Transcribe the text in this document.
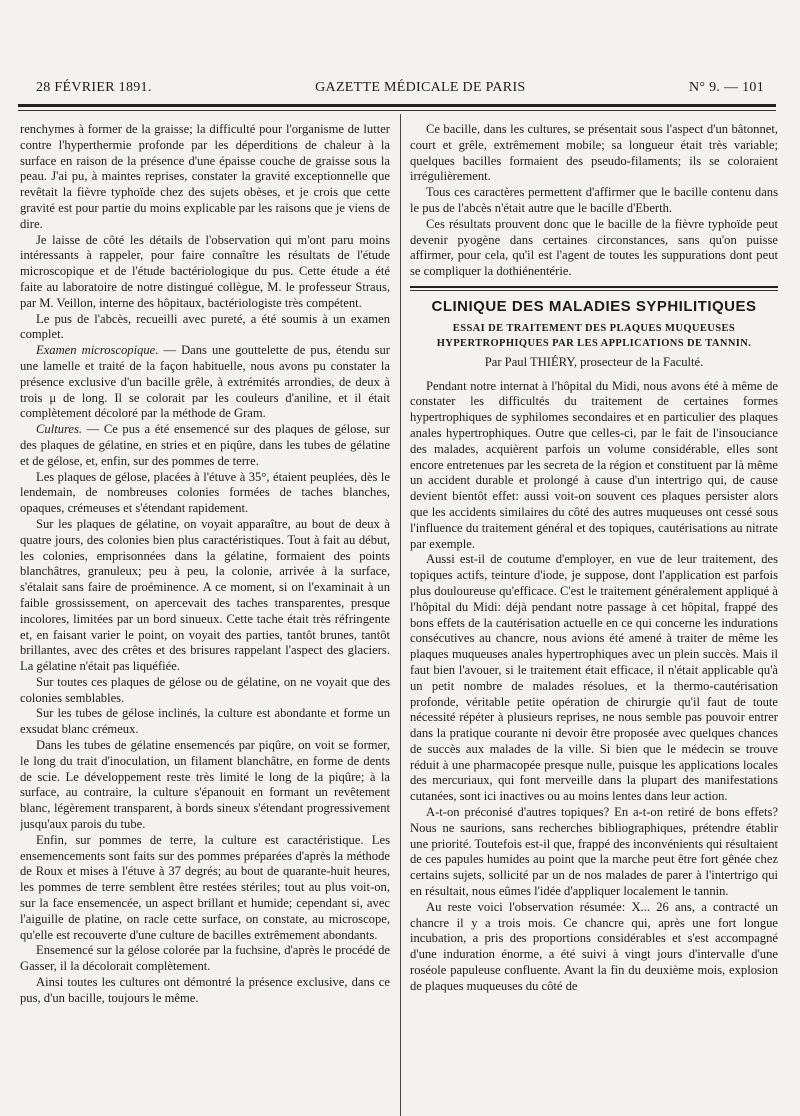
28 FÉVRIER 1891.	GAZETTE MÉDICALE DE PARIS	N° 9. — 101

renchymes à former de la graisse; la difficulté pour l'organisme de lutter contre l'hyperthermie profonde par les déperditions de chaleur à la surface en raison de la présence d'une épaisse couche de graisse sous la peau. J'ai pu, à maintes reprises, constater la gravité exceptionnelle que revêtait la fièvre typhoïde chez des sujets obèses, et je crois que cette gravité est pour partie du moins explicable par les raisons que je viens de dire.

Je laisse de côté les détails de l'observation qui m'ont paru moins intéressants à rappeler, pour faire connaître les résultats de l'étude microscopique et de l'étude bactériologique du pus. Cette étude a été faite au laboratoire de notre distingué collègue, M. le professeur Straus, par M. Veillon, interne des hôpitaux, bactériologiste très compétent.

Le pus de l'abcès, recueilli avec pureté, a été soumis à un examen complet.

Examen microscopique. — Dans une gouttelette de pus, étendu sur une lamelle et traité de la façon habituelle, nous avons pu constater la présence exclusive d'un bacille grêle, à extrémités arrondies, de deux à trois μ de long. Il se colorait par les couleurs d'aniline, et il était complètement décoloré par la méthode de Gram.

Cultures. — Ce pus a été ensemencé sur des plaques de gélose, sur des plaques de gélatine, en stries et en piqûre, dans les tubes de gélatine et de gélose, et, enfin, sur des pommes de terre.

Les plaques de gélose, placées à l'étuve à 35°, étaient peuplées, dès le lendemain, de nombreuses colonies formées de taches blanches, opaques, crémeuses et s'étendant rapidement.

Sur les plaques de gélatine, on voyait apparaître, au bout de deux à quatre jours, des colonies bien plus caractéristiques. Tout à fait au début, les colonies, emprisonnées dans la gélatine, formaient des points blanchâtres, granuleux; peu à peu, la colonie, arrivée à la surface, s'étalait sans faire de proéminence. A ce moment, si on l'examinait à un faible grossissement, on apercevait des taches transparentes, presque incolores, limitées par un bord sinueux. Cette tache était très réfringente et, en faisant varier le point, on voyait des parties, tantôt brunes, tantôt brillantes, avec des crêtes et des brisures rappelant l'aspect des glaciers. La gélatine n'était pas liquéfiée.

Sur toutes ces plaques de gélose ou de gélatine, on ne voyait que des colonies semblables.

Sur les tubes de gélose inclinés, la culture est abondante et forme un exsudat blanc crémeux.

Dans les tubes de gélatine ensemencés par piqûre, on voit se former, le long du trait d'inoculation, un filament blanchâtre, en forme de dents de scie. Le développement reste très limité le long de la piqûre; à la surface, au contraire, la culture s'épanouit en formant un revêtement blanc, légèrement transparent, à bords sineux s'étendant progressivement jusqu'aux parois du tube.

Enfin, sur pommes de terre, la culture est caractéristique. Les ensemencements sont faits sur des pommes préparées d'après la méthode de Roux et mises à l'étuve à 37 degrés; au bout de quarante-huit heures, les pommes de terre semblent être restées stériles; tout au plus voit-on, sur la face ensemencée, un aspect brillant et humide; cependant si, avec l'aiguille de platine, on racle cette surface, on constate, au microscope, qu'elle est recouverte d'une culture de bacilles extrêmement abondants.

Ensemencé sur la gélose colorée par la fuchsine, d'après le procédé de Gasser, il la décolorait complètement.

Ainsi toutes les cultures ont démontré la présence exclusive, dans ce pus, d'un bacille, toujours le même.

Ce bacille, dans les cultures, se présentait sous l'aspect d'un bâtonnet, court et grêle, extrêmement mobile; sa longueur était très variable; quelques bacilles formaient des pseudo-filaments; ils se coloraient irrégulièrement.

Tous ces caractères permettent d'affirmer que le bacille contenu dans le pus de l'abcès n'était autre que le bacille d'Eberth.

Ces résultats prouvent donc que le bacille de la fièvre typhoïde peut devenir pyogène dans certaines circonstances, sans qu'on puisse affirmer, pour cela, qu'il est l'agent de toutes les suppurations dont peut se compliquer la dothiénentérie.

CLINIQUE DES MALADIES SYPHILITIQUES
ESSAI DE TRAITEMENT DES PLAQUES MUQUEUSES HYPERTROPHIQUES PAR LES APPLICATIONS DE TANNIN.
Par Paul THIÉRY, prosecteur de la Faculté.

Pendant notre internat à l'hôpital du Midi, nous avons été à même de constater les difficultés du traitement de certaines formes hypertrophiques de syphilomes secondaires et en particulier des plaques anales hypertrophiques. Outre que celles-ci, par le fait de l'insouciance des malades, acquièrent parfois un volume considérable, elles sont encore entretenues par les secreta de la région et constituent par là même un accident durable et prolongé à cause d'un intertrigo qui, de cause devient bientôt effet: aussi voit-on souvent ces plaques persister alors que les accidents similaires du côté des autres muqueuses ont cessé sous l'influence du traitement général et des topiques, cautérisations au nitrate par exemple.

Aussi est-il de coutume d'employer, en vue de leur traitement, des topiques actifs, teinture d'iode, je suppose, dont l'application est parfois plus douloureuse qu'efficace. C'est le traitement généralement appliqué à l'hôpital du Midi: déjà pendant notre passage à cet hôpital, frappé des bons effets de la cautérisation actuelle en ce qui concerne les indurations consécutives au chancre, nous avions été amené à traiter de même les plaques muqueuses anales hypertrophiques avec un plein succès. Mais il faut bien l'avouer, si le traitement était efficace, il n'était applicable qu'à un petit nombre de malades résolues, et la thermo-cautérisation profonde, véritable petite opération de chirurgie qu'il faut de toute nécessité répéter à plusieurs reprises, ne nous semble pas pouvoir entrer dans la pratique courante ni devoir être proposée avec quelques chances de succès aux malades de la ville. Si bien que le médecin se trouve réduit à une pharmacopée presque nulle, puisque les applications locales des mercuriaux, qui font merveille dans la plupart des manifestations cutanées, sont ici inactives ou au moins lentes dans leur action.

A-t-on préconisé d'autres topiques? En a-t-on retiré de bons effets? Nous ne saurions, sans recherches bibliographiques, prétendre établir une priorité. Toutefois est-il que, frappé des inconvénients qui résultaient de ces papules humides au point que la marche peut être fort gênée chez certains sujets, sollicité par un de nos malades de parer à l'intertrigo qui en résultait, nous eûmes l'idée d'appliquer localement le tannin.

Au reste voici l'observation résumée: X... 26 ans, a contracté un chancre il y a trois mois. Ce chancre qui, après une fort longue incubation, a pris des proportions considérables et s'est accompagné d'une induration énorme, a été suivi à vingt jours d'intervalle d'une roséole papuleuse confluente. Avant la fin du deuxième mois, explosion de plaques muqueuses du côté de
